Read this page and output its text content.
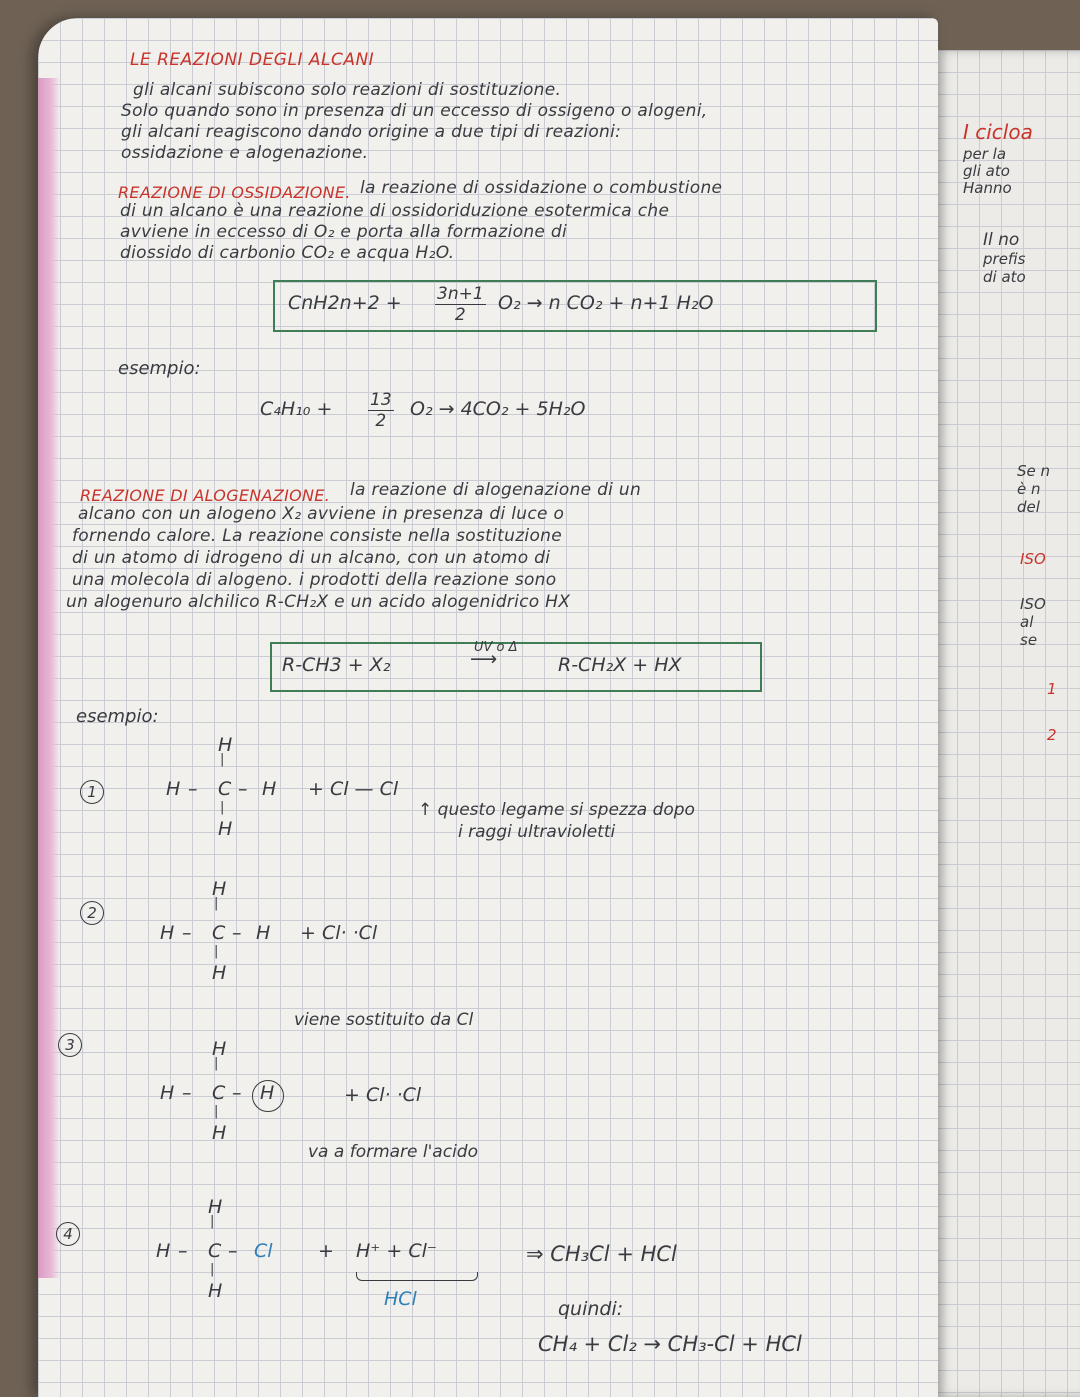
I cicloa
per la
gli ato
Hanno
Il no
prefis
di ato
Se n
è n
del
ISO
ISO
al
se
1
2
LE REAZIONI DEGLI ALCANI
gli alcani subiscono solo reazioni di sostituzione.
Solo quando sono in presenza di un eccesso di ossigeno o alogeni,
gli alcani reagiscono dando origine a due tipi di reazioni:
ossidazione e alogenazione.
REAZIONE DI OSSIDAZIONE. la reazione di ossidazione o combustione
di un alcano è una reazione di ossidoriduzione esotermica che
avviene in eccesso di O₂ e porta alla formazione di
diossido di carbonio CO₂ e acqua H₂O.
$CnH2n+2 + \frac{3n+1}{2} O_2 \to n$ CO₂ + n+1 H₂O
esempio:
$C_4H_{10} + \frac{13}{2} O_2 \to 4CO_2 + 5H_2O$
REAZIONE DI ALOGENAZIONE. la reazione di alogenazione di un
alcano con un alogeno X₂ avviene in presenza di luce o
fornendo calore. La reazione consiste nella sostituzione
di un atomo di idrogeno di un alcano, con un atomo di
una molecola di alogeno. i prodotti della reazione sono
un alogenuro alchilico R-CH₂X e un acido alogenidrico HX
R-CH3 + X₂
UV o Δ
⟶	R-CH₂X + HX
esempio:
1
H
|
H – C – H
|
H
+ Cl — Cl
↑ questo legame si spezza dopo
i raggi ultravioletti
2
H
|
H – C – H
|
H
+ Cl· ·Cl
3
viene sostituito da Cl
H
|
H – C – H
|
H
+ Cl· ·Cl
va a formare l'acido
4
H
|
H – C – Cl
|
H
+ H⁺ + Cl⁻
HCl
⇒ CH₃Cl + HCl
quindi:
CH₄ + Cl₂ → CH₃-Cl + HCl
